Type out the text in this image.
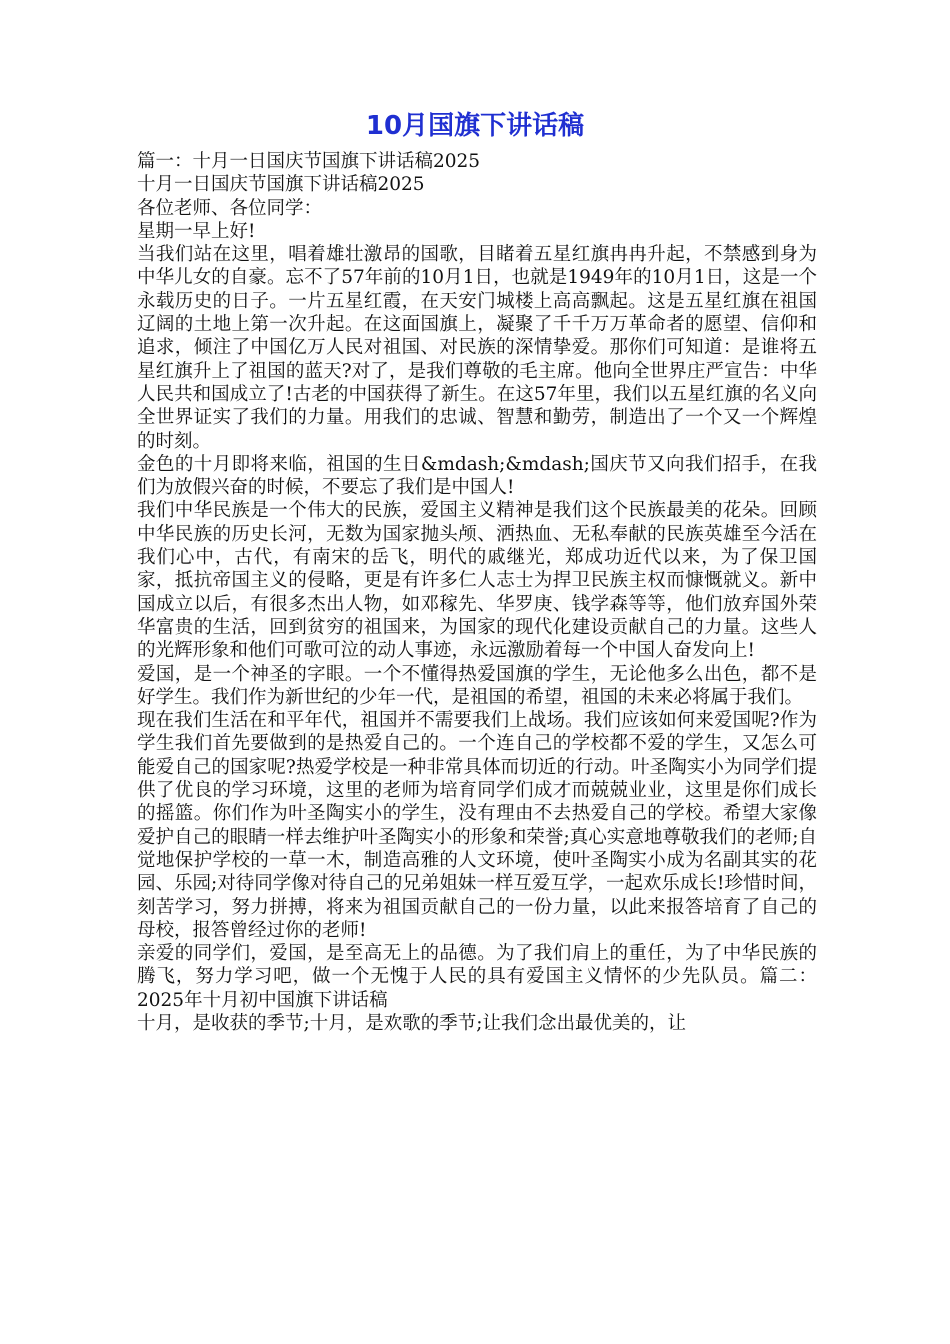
10月国旗下讲话稿

篇一：十月一日国庆节国旗下讲话稿2025

十月一日国庆节国旗下讲话稿2025

各位老师、各位同学：

星期一早上好!

当我们站在这里，唱着雄壮激昂的国歌，目睹着五星红旗冉冉升起，不禁感到身为中华儿女的自豪。忘不了57年前的10月1日，也就是1949年的10月1日，这是一个永载历史的日子。一片五星红霞，在天安门城楼上高高飘起。这是五星红旗在祖国辽阔的土地上第一次升起。在这面国旗上，凝聚了千千万万革命者的愿望、信仰和追求，倾注了中国亿万人民对祖国、对民族的深情挚爱。那你们可知道：是谁将五星红旗升上了祖国的蓝天?对了，是我们尊敬的毛主席。他向全世界庄严宣告：中华人民共和国成立了!古老的中国获得了新生。在这57年里，我们以五星红旗的名义向全世界证实了我们的力量。用我们的忠诚、智慧和勤劳，制造出了一个又一个辉煌的时刻。

金色的十月即将来临，祖国的生日&mdash;&mdash;国庆节又向我们招手，在我们为放假兴奋的时候，不要忘了我们是中国人!

我们中华民族是一个伟大的民族，爱国主义精神是我们这个民族最美的花朵。回顾中华民族的历史长河，无数为国家抛头颅、洒热血、无私奉献的民族英雄至今活在我们心中，古代，有南宋的岳飞，明代的戚继光，郑成功近代以来，为了保卫国家，抵抗帝国主义的侵略，更是有许多仁人志士为捍卫民族主权而慷慨就义。新中国成立以后，有很多杰出人物，如邓稼先、华罗庚、钱学森等等，他们放弃国外荣华富贵的生活，回到贫穷的祖国来，为国家的现代化建设贡献自己的力量。这些人的光辉形象和他们可歌可泣的动人事迹，永远激励着每一个中国人奋发向上!

爱国，是一个神圣的字眼。一个不懂得热爱国旗的学生，无论他多么出色，都不是好学生。我们作为新世纪的少年一代，是祖国的希望，祖国的未来必将属于我们。

现在我们生活在和平年代，祖国并不需要我们上战场。我们应该如何来爱国呢?作为学生我们首先要做到的是热爱自己的。一个连自己的学校都不爱的学生，又怎么可能爱自己的国家呢?热爱学校是一种非常具体而切近的行动。叶圣陶实小为同学们提供了优良的学习环境，这里的老师为培育同学们成才而兢兢业业，这里是你们成长的摇篮。你们作为叶圣陶实小的学生，没有理由不去热爱自己的学校。希望大家像爱护自己的眼睛一样去维护叶圣陶实小的形象和荣誉;真心实意地尊敬我们的老师;自觉地保护学校的一草一木，制造高雅的人文环境，使叶圣陶实小成为名副其实的花园、乐园;对待同学像对待自己的兄弟姐妹一样互爱互学，一起欢乐成长!珍惜时间，刻苦学习，努力拼搏，将来为祖国贡献自己的一份力量，以此来报答培育了自己的母校，报答曾经过你的老师!

亲爱的同学们，爱国，是至高无上的品德。为了我们肩上的重任，为了中华民族的腾飞，努力学习吧，做一个无愧于人民的具有爱国主义情怀的少先队员。篇二：2025年十月初中国旗下讲话稿

十月，是收获的季节;十月，是欢歌的季节;让我们念出最优美的，让
